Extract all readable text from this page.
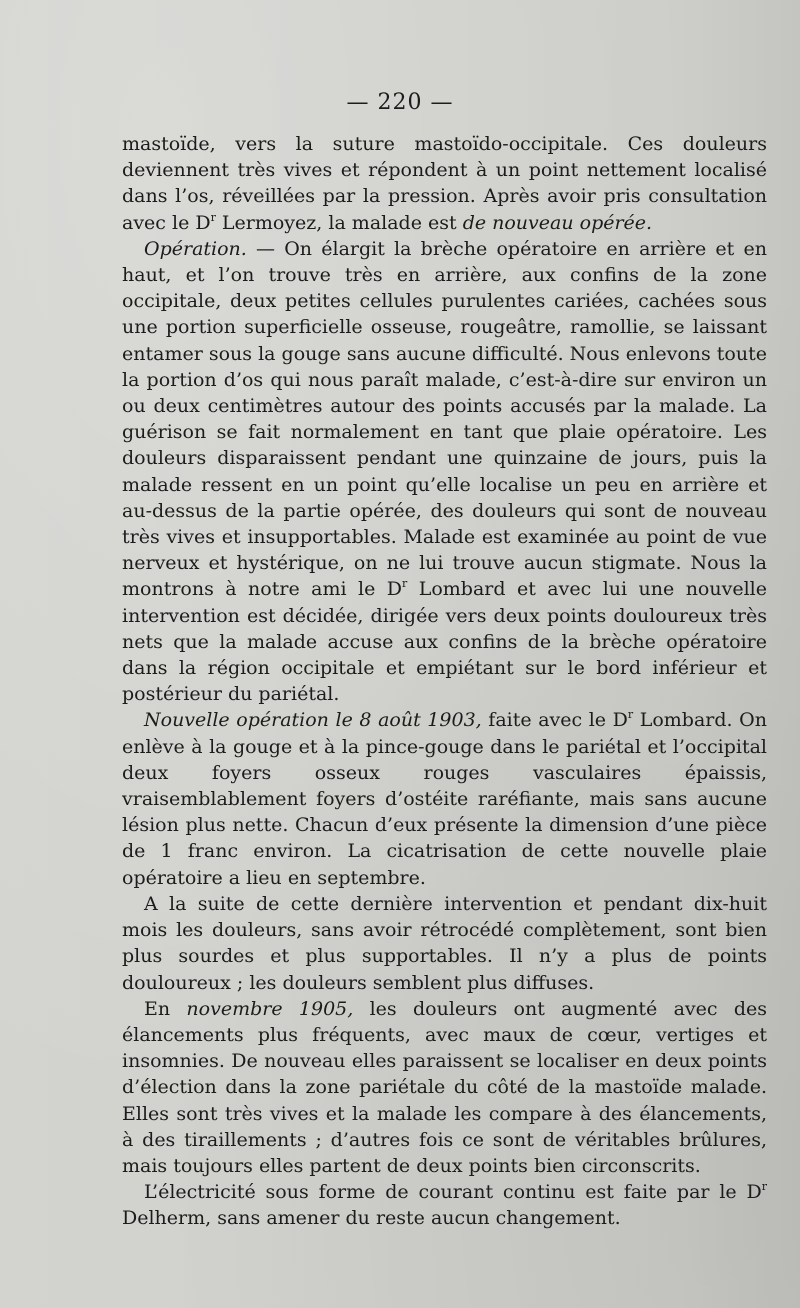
— 220 —

mastoïde, vers la suture mastoïdo-occipitale. Ces douleurs deviennent très vives et répondent à un point nettement localisé dans l’os, réveillées par la pression. Après avoir pris consultation avec le $D^r$ Lermoyez, la malade est de nouveau opérée.

Opération. — On élargit la brèche opératoire en arrière et en haut, et l’on trouve très en arrière, aux confins de la zone occipitale, deux petites cellules purulentes cariées, cachées sous une portion superficielle osseuse, rougeâtre, ramollie, se laissant entamer sous la gouge sans aucune difficulté. Nous enlevons toute la portion d’os qui nous paraît malade, c’est-à-dire sur environ un ou deux centimètres autour des points accusés par la malade. La guérison se fait normalement en tant que plaie opératoire. Les douleurs disparaissent pendant une quinzaine de jours, puis la malade ressent en un point qu’elle localise un peu en arrière et au-dessus de la partie opérée, des douleurs qui sont de nouveau très vives et insupportables. Malade est examinée au point de vue nerveux et hystérique, on ne lui trouve aucun stigmate. Nous la montrons à notre ami le $D^r$ Lombard et avec lui une nouvelle intervention est décidée, dirigée vers deux points douloureux très nets que la malade accuse aux confins de la brèche opératoire dans la région occipitale et empiétant sur le bord inférieur et postérieur du pariétal.

Nouvelle opération le 8 août 1903, faite avec le $D^r$ Lombard. On enlève à la gouge et à la pince-gouge dans le pariétal et l’occipital deux foyers osseux rouges vasculaires épaissis, vraisemblablement foyers d’ostéite raréfiante, mais sans aucune lésion plus nette. Chacun d’eux présente la dimension d’une pièce de 1 franc environ. La cicatrisation de cette nouvelle plaie opératoire a lieu en septembre.

A la suite de cette dernière intervention et pendant dix-huit mois les douleurs, sans avoir rétrocédé complètement, sont bien plus sourdes et plus supportables. Il n’y a plus de points douloureux ; les douleurs semblent plus diffuses.

En novembre 1905, les douleurs ont augmenté avec des élancements plus fréquents, avec maux de cœur, vertiges et insomnies. De nouveau elles paraissent se localiser en deux points d’élection dans la zone pariétale du côté de la mastoïde malade. Elles sont très vives et la malade les compare à des élancements, à des tiraillements ; d’autres fois ce sont de véritables brûlures, mais toujours elles partent de deux points bien circonscrits.

L’électricité sous forme de courant continu est faite par le $D^r$ Delherm, sans amener du reste aucun changement.
